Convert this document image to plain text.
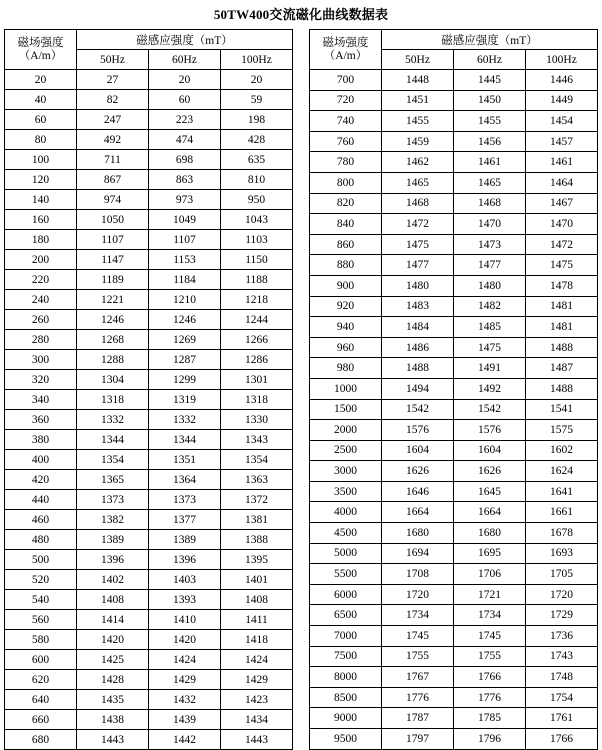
50TW400交流磁化曲线数据表
磁场强度
（A/m）	磁感应强度（mT）		
	50Hz	60Hz	100Hz
20	27	20	20
40	82	60	59
60	247	223	198
80	492	474	428
100	711	698	635
120	867	863	810
140	974	973	950
160	1050	1049	1043
180	1107	1107	1103
200	1147	1153	1150
220	1189	1184	1188
240	1221	1210	1218
260	1246	1246	1244
280	1268	1269	1266
300	1288	1287	1286
320	1304	1299	1301
340	1318	1319	1318
360	1332	1332	1330
380	1344	1344	1343
400	1354	1351	1354
420	1365	1364	1363
440	1373	1373	1372
460	1382	1377	1381
480	1389	1389	1388
500	1396	1396	1395
520	1402	1403	1401
540	1408	1393	1408
560	1414	1410	1411
580	1420	1420	1418
600	1425	1424	1424
620	1428	1429	1429
640	1435	1432	1423
660	1438	1439	1434
680	1443	1442	1443
磁场强度
（A/m）	磁感应强度（mT）		
	50Hz	60Hz	100Hz
700	1448	1445	1446
720	1451	1450	1449
740	1455	1455	1454
760	1459	1456	1457
780	1462	1461	1461
800	1465	1465	1464
820	1468	1468	1467
840	1472	1470	1470
860	1475	1473	1472
880	1477	1477	1475
900	1480	1480	1478
920	1483	1482	1481
940	1484	1485	1481
960	1486	1475	1488
980	1488	1491	1487
1000	1494	1492	1488
1500	1542	1542	1541
2000	1576	1576	1575
2500	1604	1604	1602
3000	1626	1626	1624
3500	1646	1645	1641
4000	1664	1664	1661
4500	1680	1680	1678
5000	1694	1695	1693
5500	1708	1706	1705
6000	1720	1721	1720
6500	1734	1734	1729
7000	1745	1745	1736
7500	1755	1755	1743
8000	1767	1766	1748
8500	1776	1776	1754
9000	1787	1785	1761
9500	1797	1796	1766
